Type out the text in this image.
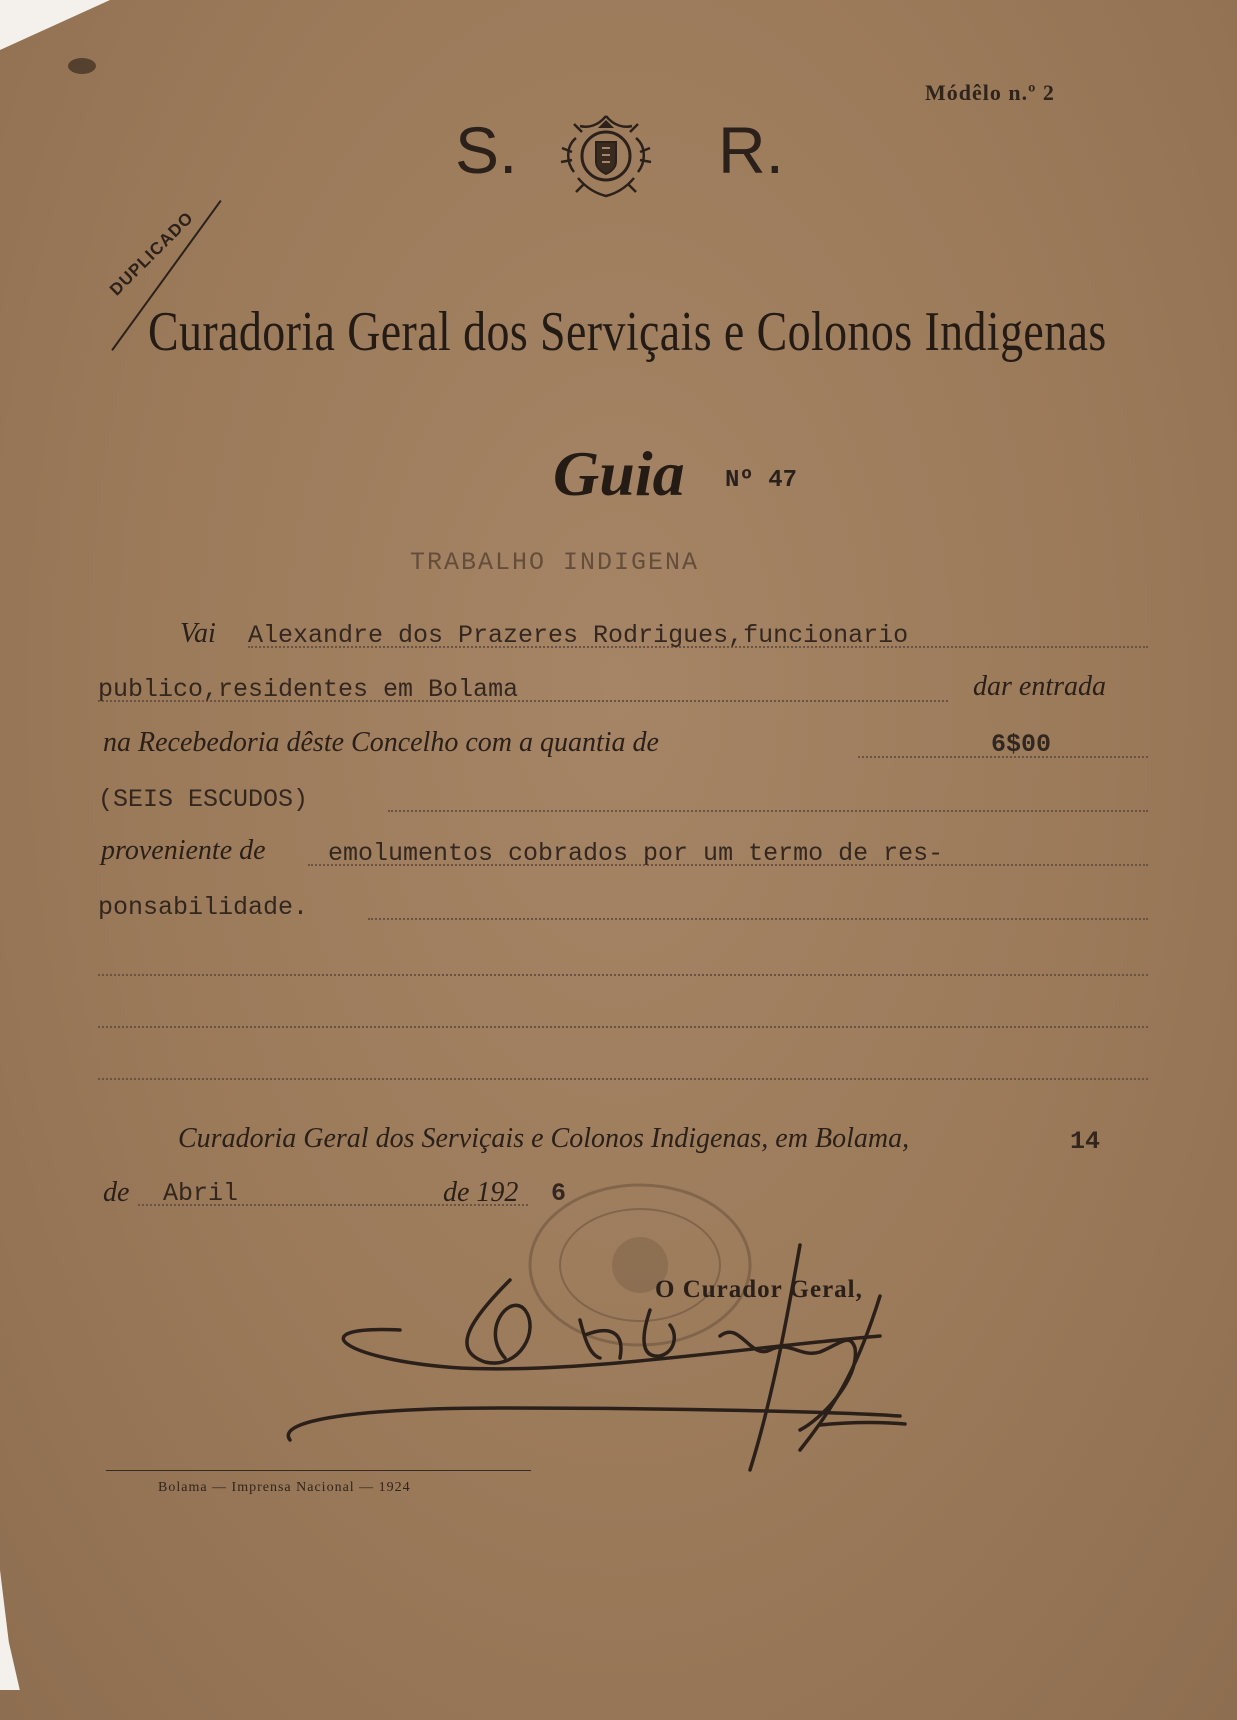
Módêlo n.º 2
S.	R.
DUPLICADO
Curadoria Geral dos Serviçais e Colonos Indigenas
Guia Nº 47
TRABALHO INDIGENA
Vai Alexandre dos Prazeres Rodrigues,funcionario
publico,residentes em Bolama	dar entrada
na Recebedoria dêste Concelho com a quantia de	6$00
(SEIS ESCUDOS)
proveniente de emolumentos cobrados por um termo de res-
ponsabilidade.
Curadoria Geral dos Serviçais e Colonos Indigenas, em Bolama,	14
de Abril	de 192 6
O Curador Geral,
Bolama — Imprensa Nacional — 1924
